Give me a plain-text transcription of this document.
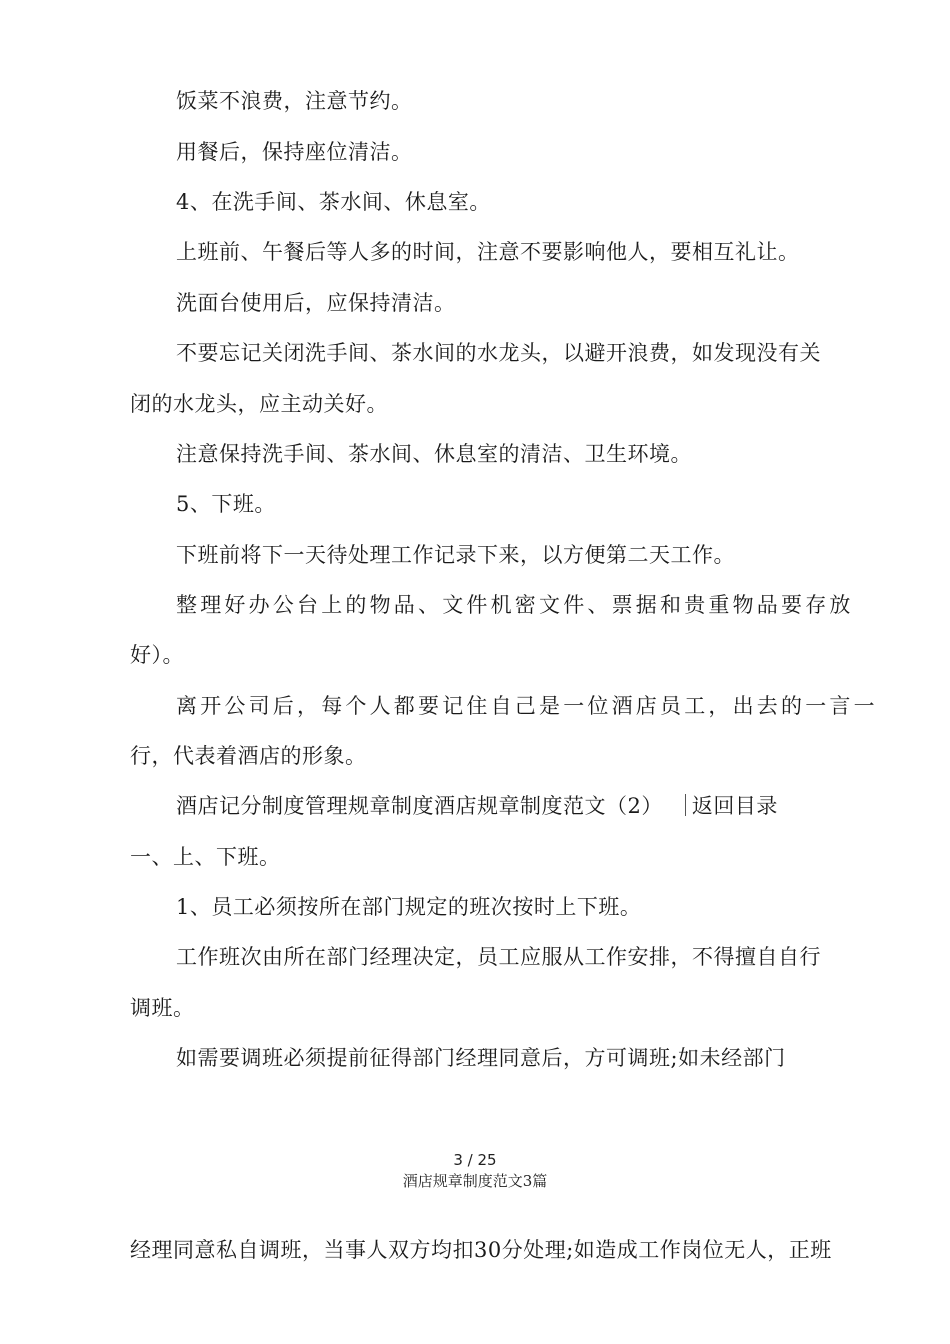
饭菜不浪费，注意节约。
用餐后，保持座位清洁。
4、在洗手间、茶水间、休息室。
上班前、午餐后等人多的时间，注意不要影响他人，要相互礼让。
洗面台使用后，应保持清洁。
不要忘记关闭洗手间、茶水间的水龙头，以避开浪费，如发现没有关
闭的水龙头，应主动关好。
注意保持洗手间、茶水间、休息室的清洁、卫生环境。
5、下班。
下班前将下一天待处理工作记录下来，以方便第二天工作。
整理好办公台上的物品、文件机密文件、票据和贵重物品要存放
好）。
离开公司后，每个人都要记住自己是一位酒店员工，出去的一言一
行，代表着酒店的形象。
酒店记分制度管理规章制度酒店规章制度范文（2） 返回目录
一、上、下班。
1、员工必须按所在部门规定的班次按时上下班。
工作班次由所在部门经理决定，员工应服从工作安排，不得擅自自行
调班。
如需要调班必须提前征得部门经理同意后，方可调班;如未经部门
3 / 25
酒店规章制度范文3篇
经理同意私自调班，当事人双方均扣30分处理;如造成工作岗位无人，正班
